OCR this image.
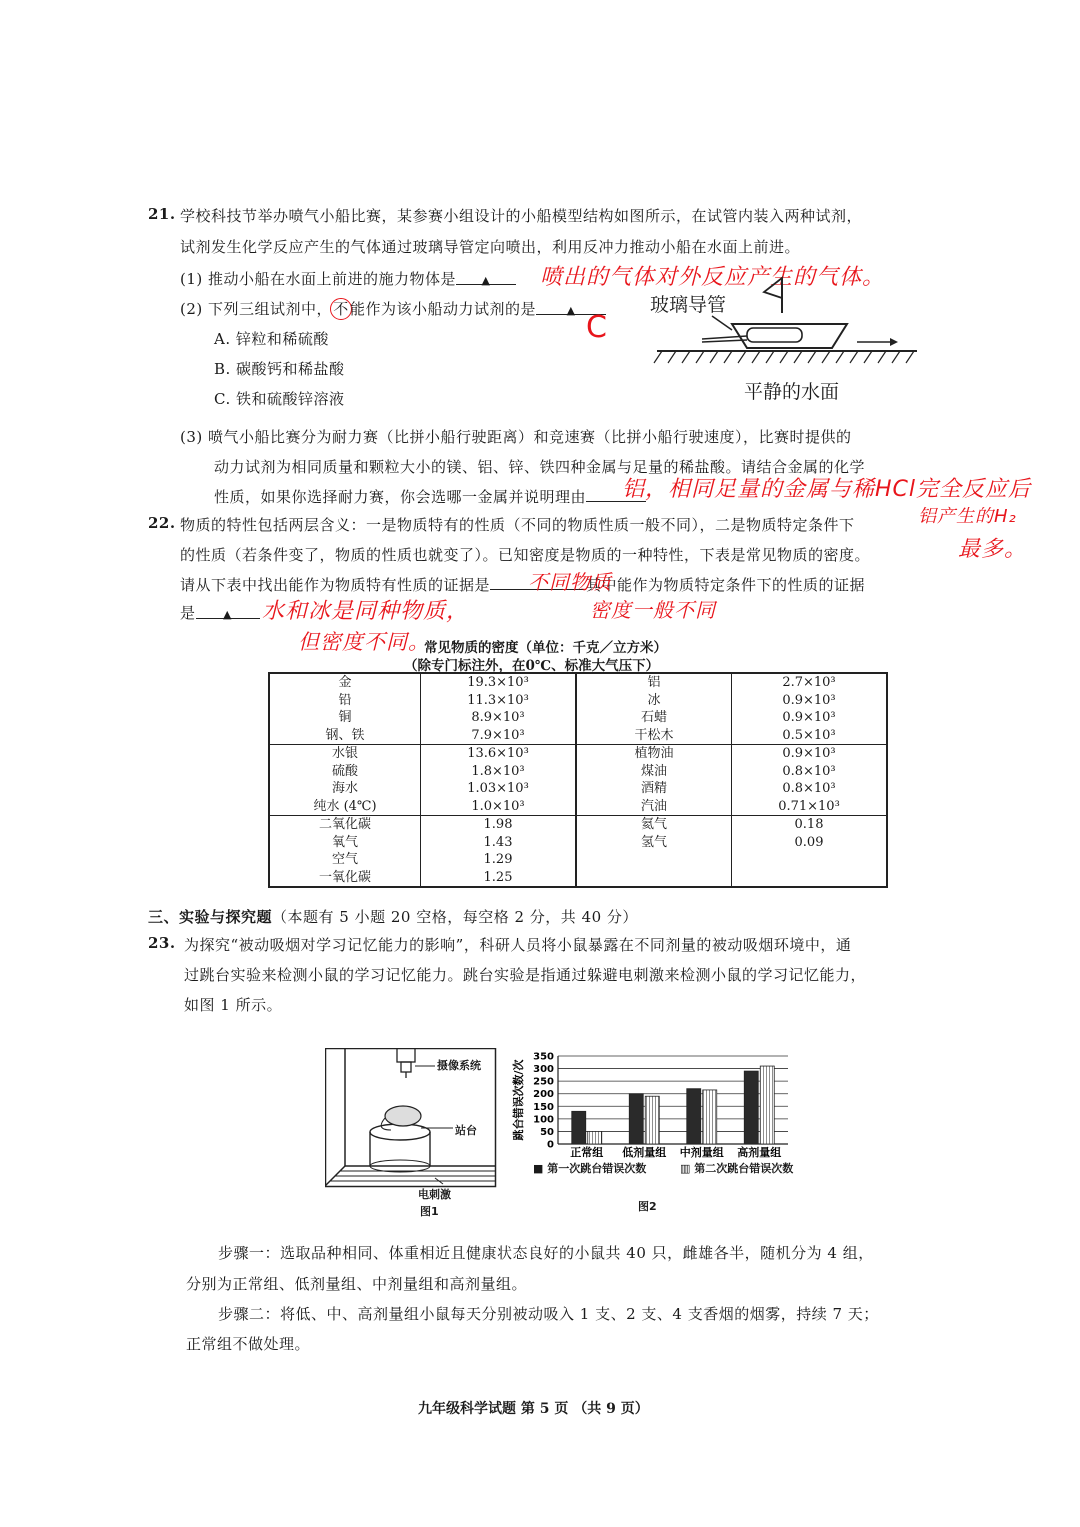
21. 学校科技节举办喷气小船比赛，某参赛小组设计的小船模型结构如图所示，在试管内装入两种试剂，
试剂发生化学反应产生的气体通过玻璃导管定向喷出，利用反冲力推动小船在水面上前进。
(1) 推动小船在水面上前进的施力物体是 ▲	喷出的气体对外反应产生的气体。
(2) 下列三组试剂中，不能作为该小船动力试剂的是	▲ C
A. 锌粒和稀硫酸
B. 碳酸钙和稀盐酸
C. 铁和硫酸锌溶液
玻璃导管
平静的水面
(3) 喷气小船比赛分为耐力赛（比拼小船行驶距离）和竞速赛（比拼小船行驶速度），比赛时提供的
动力试剂为相同质量和颗粒大小的镁、铝、锌、铁四种金属与足量的稀盐酸。请结合金属的化学
性质，如果你选择耐力赛，你会选哪一金属并说明理由	铝，相同足量的金属与稀HCl完全反应后
铝产生的H₂
最多。
22. 物质的特性包括两层含义：一是物质特有的性质（不同的物质性质一般不同），二是物质特定条件下
的性质（若条件变了，物质的性质也就变了）。已知密度是物质的一种特性，下表是常见物质的密度。
请从下表中找出能作为物质特有性质的证据是	其中能作为物质特定条件下的性质的证据
不同物质
是	▲	水和冰是同种物质，	密度一般不同
但密度不同。
常见物质的密度（单位：千克／立方米）
（除专门标注外，在0℃、标准大气压下）
金	19.3×10³	铝	2.7×10³
铅	11.3×10³	冰	0.9×10³
铜	8.9×10³	石蜡	0.9×10³
钢、铁	7.9×10³	干松木	0.5×10³
水银	13.6×10³	植物油	0.9×10³
硫酸	1.8×10³	煤油	0.8×10³
海水	1.03×10³	酒精	0.8×10³
纯水 (4℃)	1.0×10³	汽油	0.71×10³
二氧化碳	1.98	氦气	0.18
氧气	1.43	氢气	0.09
空气	1.29		
一氧化碳	1.25		
三、实验与探究题（本题有 5 小题 20 空格，每空格 2 分，共 40 分）
23. 为探究“被动吸烟对学习记忆能力的影响”，科研人员将小鼠暴露在不同剂量的被动吸烟环境中，通
过跳台实验来检测小鼠的学习记忆能力。跳台实验是指通过躲避电刺激来检测小鼠的学习记忆能力，
如图 1 所示。
摄像系统
站台
电刺激
图1
跳台错误次数/次
0
50
100
150
200
250
300
350
正常组 低剂量组 中剂量组 高剂量组
■ 第一次跳台错误次数	▥ 第二次跳台错误次数
图2
步骤一：选取品种相同、体重相近且健康状态良好的小鼠共 40 只，雌雄各半，随机分为 4 组，
分别为正常组、低剂量组、中剂量组和高剂量组。
步骤二：将低、中、高剂量组小鼠每天分别被动吸入 1 支、2 支、4 支香烟的烟雾，持续 7 天；
正常组不做处理。
九年级科学试题 第 5 页 （共 9 页）
